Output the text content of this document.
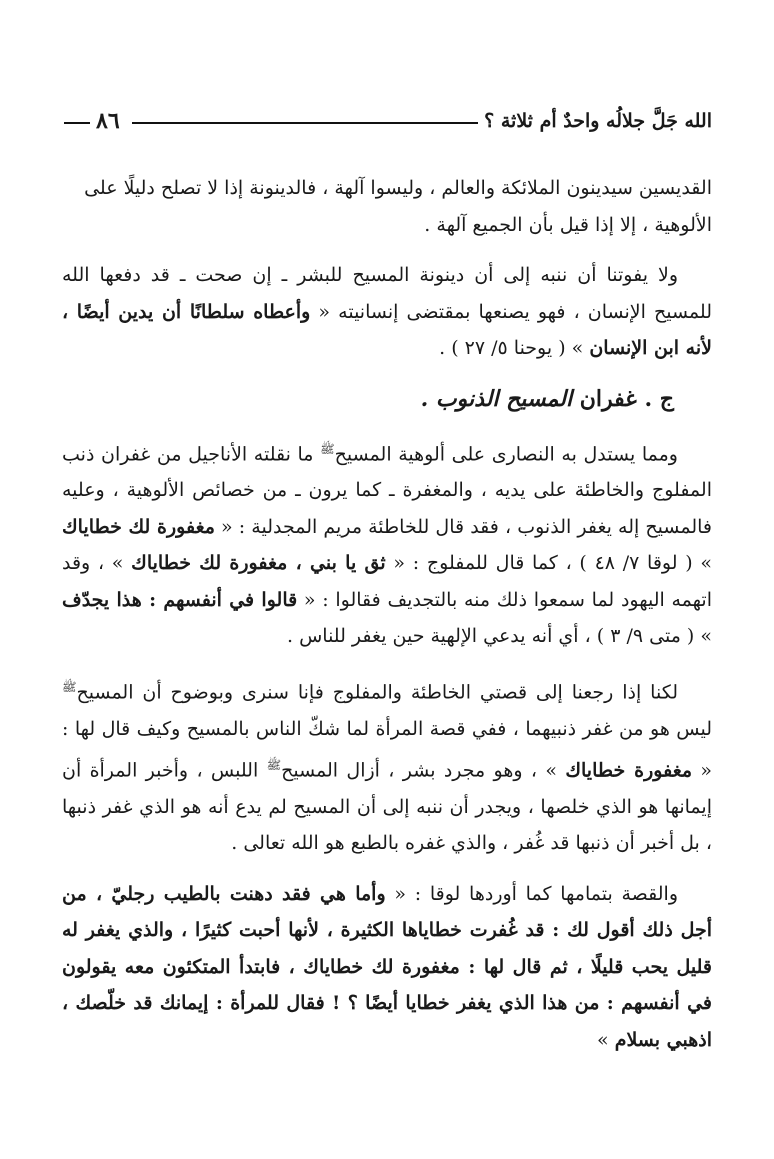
٨٦	الله جَلَّ جلالُه واحدٌ أم ثلاثة ؟

القديسين سيدينون الملائكة والعالم ، وليسوا آلهة ، فالدينونة إذا لا تصلح دليلًا على
الألوهية ، إلا إذا قيل بأن الجميع آلهة .

ولا يفوتنا أن ننبه إلى أن دينونة المسيح للبشر ـ إن صحت ـ قد دفعها الله للمسيح الإنسان ، فهو يصنعها بمقتضى إنسانيته « وأعطاه سلطانًا أن يدين أيضًا ، لأنه ابن الإنسان » ( يوحنا ٥/ ٢٧ ) .

ج . غفران المسيح الذنوب .

ومما يستدل به النصارى على ألوهية المسيح$^ﷺ$ ما نقلته الأناجيل من غفران ذنب المفلوج والخاطئة على يديه ، والمغفرة ـ كما يرون ـ من خصائص الألوهية ، وعليه فالمسيح إله يغفر الذنوب ، فقد قال للخاطئة مريم المجدلية : « مغفورة لك خطاياك » ( لوقا ٧/ ٤٨ ) ، كما قال للمفلوج : « ثق يا بني ، مغفورة لك خطاياك » ، وقد اتهمه اليهود لما سمعوا ذلك منه بالتجديف فقالوا : « قالوا في أنفسهم : هذا يجدّف » ( متى ٩/ ٣ ) ، أي أنه يدعي الإلهية حين يغفر للناس .

لكنا إذا رجعنا إلى قصتي الخاطئة والمفلوج فإنا سنرى وبوضوح أن المسيح$^ﷺ$ ليس هو من غفر ذنبيهما ، ففي قصة المرأة لما شكّ الناس بالمسيح وكيف قال لها : « مغفورة خطاياك » ، وهو مجرد بشر ، أزال المسيح$^ﷺ$ اللبس ، وأخبر المرأة أن إيمانها هو الذي خلصها ، ويجدر أن ننبه إلى أن المسيح لم يدع أنه هو الذي غفر ذنبها ، بل أخبر أن ذنبها قد غُفر ، والذي غفره بالطبع هو الله تعالى .

والقصة بتمامها كما أوردها لوقا : « وأما هي فقد دهنت بالطيب رجليّ ، من أجل ذلك أقول لك : قد غُفرت خطاياها الكثيرة ، لأنها أحبت كثيرًا ، والذي يغفر له قليل يحب قليلًا ، ثم قال لها : مغفورة لك خطاياك ، فابتدأ المتكئون معه يقولون في أنفسهم : من هذا الذي يغفر خطايا أيضًا ؟ ! فقال للمرأة : إيمانك قد خلّصك ، اذهبي بسلام »
